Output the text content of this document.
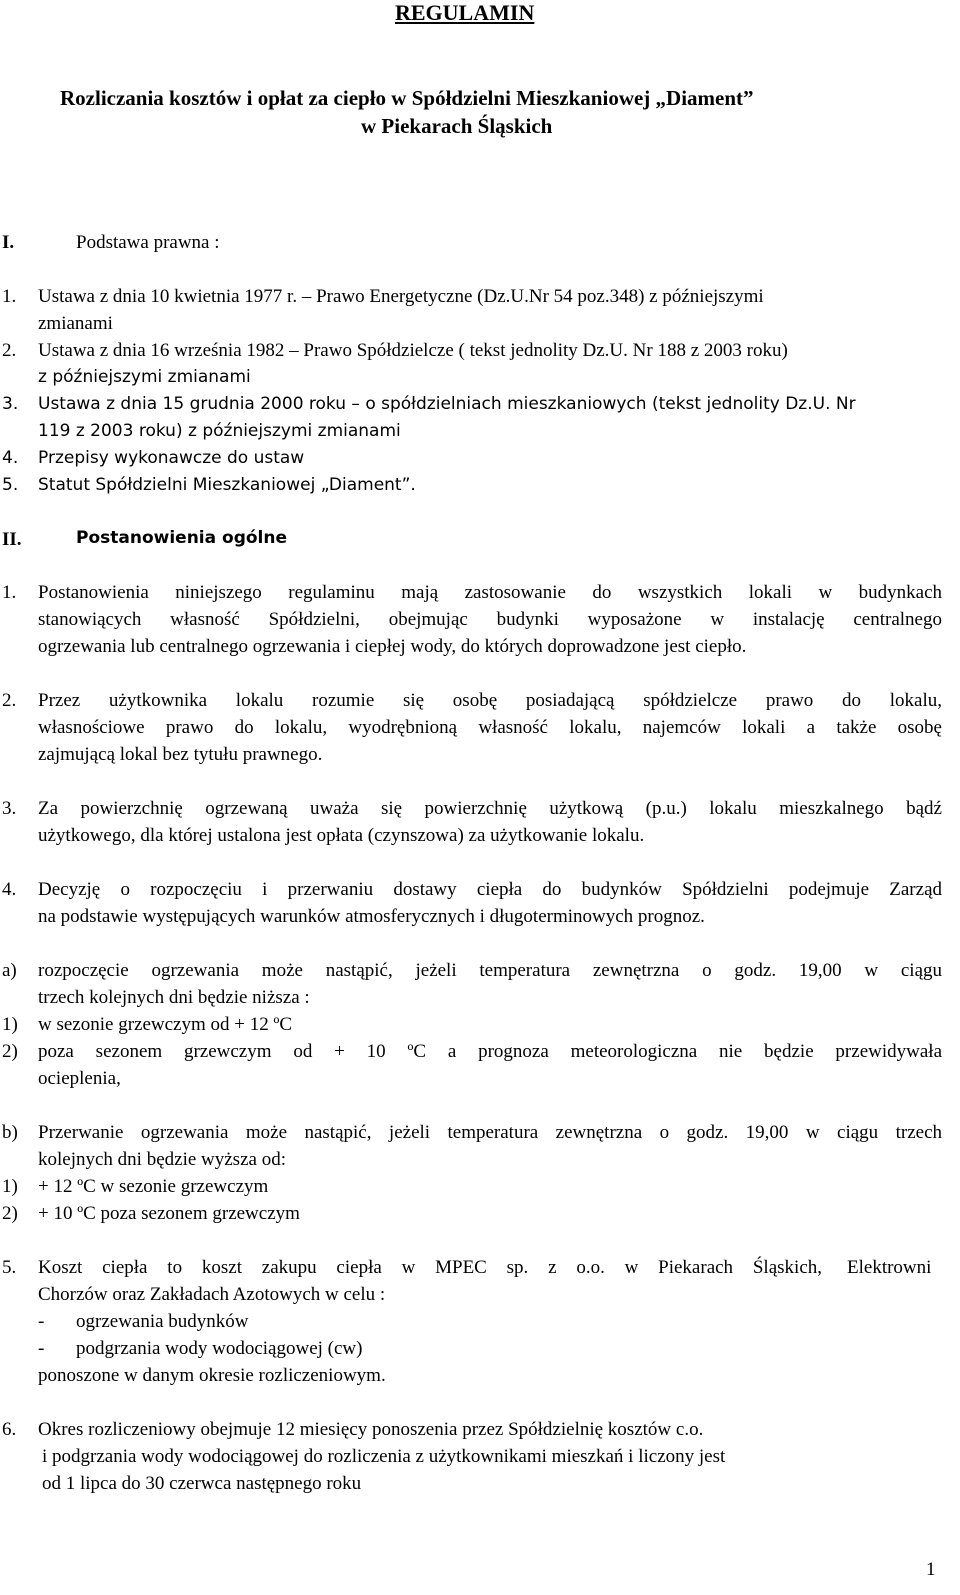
REGULAMIN
Rozliczania kosztów i opłat za ciepło w Spółdzielni Mieszkaniowej „Diament”
w Piekarach Śląskich
I.	Podstawa prawna :
1. Ustawa z dnia 10 kwietnia 1977 r. – Prawo Energetyczne (Dz.U.Nr 54 poz.348) z późniejszymi
zmianami
2. Ustawa z dnia 16 września 1982 – Prawo Spółdzielcze ( tekst jednolity Dz.U. Nr 188 z 2003 roku)
z późniejszymi zmianami
3. Ustawa z dnia 15 grudnia 2000 roku – o spółdzielniach mieszkaniowych (tekst jednolity Dz.U. Nr
119 z 2003 roku) z późniejszymi zmianami
4. Przepisy wykonawcze do ustaw
5. Statut Spółdzielni Mieszkaniowej „Diament”.
II.	Postanowienia ogólne
1. Postanowienia niniejszego regulaminu mają zastosowanie do wszystkich lokali w budynkach
stanowiących własność Spółdzielni, obejmując budynki wyposażone w instalację centralnego
ogrzewania lub centralnego ogrzewania i ciepłej wody, do których doprowadzone jest ciepło.
2. Przez użytkownika lokalu rozumie się osobę posiadającą spółdzielcze prawo do lokalu,
własnościowe prawo do lokalu, wyodrębnioną własność lokalu, najemców lokali a także osobę
zajmującą lokal bez tytułu prawnego.
3. Za powierzchnię ogrzewaną uważa się powierzchnię użytkową (p.u.) lokalu mieszkalnego bądź
użytkowego, dla której ustalona jest opłata (czynszowa) za użytkowanie lokalu.
4. Decyzję o rozpoczęciu i przerwaniu dostawy ciepła do budynków Spółdzielni podejmuje Zarząd
na podstawie występujących warunków atmosferycznych i długoterminowych prognoz.
a) rozpoczęcie ogrzewania może nastąpić, jeżeli temperatura zewnętrzna o godz. 19,00 w ciągu
trzech kolejnych dni będzie niższa :
1) w sezonie grzewczym od + 12 ºC
2) poza sezonem grzewczym od + 10 ºC a prognoza meteorologiczna nie będzie przewidywała
ocieplenia,
b) Przerwanie ogrzewania może nastąpić, jeżeli temperatura zewnętrzna o godz. 19,00 w ciągu trzech
kolejnych dni będzie wyższa od:
1) + 12 ºC w sezonie grzewczym
2) + 10 ºC poza sezonem grzewczym
5. Koszt ciepła to koszt zakupu ciepła w MPEC sp. z o.o. w Piekarach Śląskich, Elektrowni
Chorzów oraz Zakładach Azotowych w celu :
- ogrzewania budynków
- podgrzania wody wodociągowej (cw)
ponoszone w danym okresie rozliczeniowym.
6. Okres rozliczeniowy obejmuje 12 miesięcy ponoszenia przez Spółdzielnię kosztów c.o.
i podgrzania wody wodociągowej do rozliczenia z użytkownikami mieszkań i liczony jest
od 1 lipca do 30 czerwca następnego roku
1
